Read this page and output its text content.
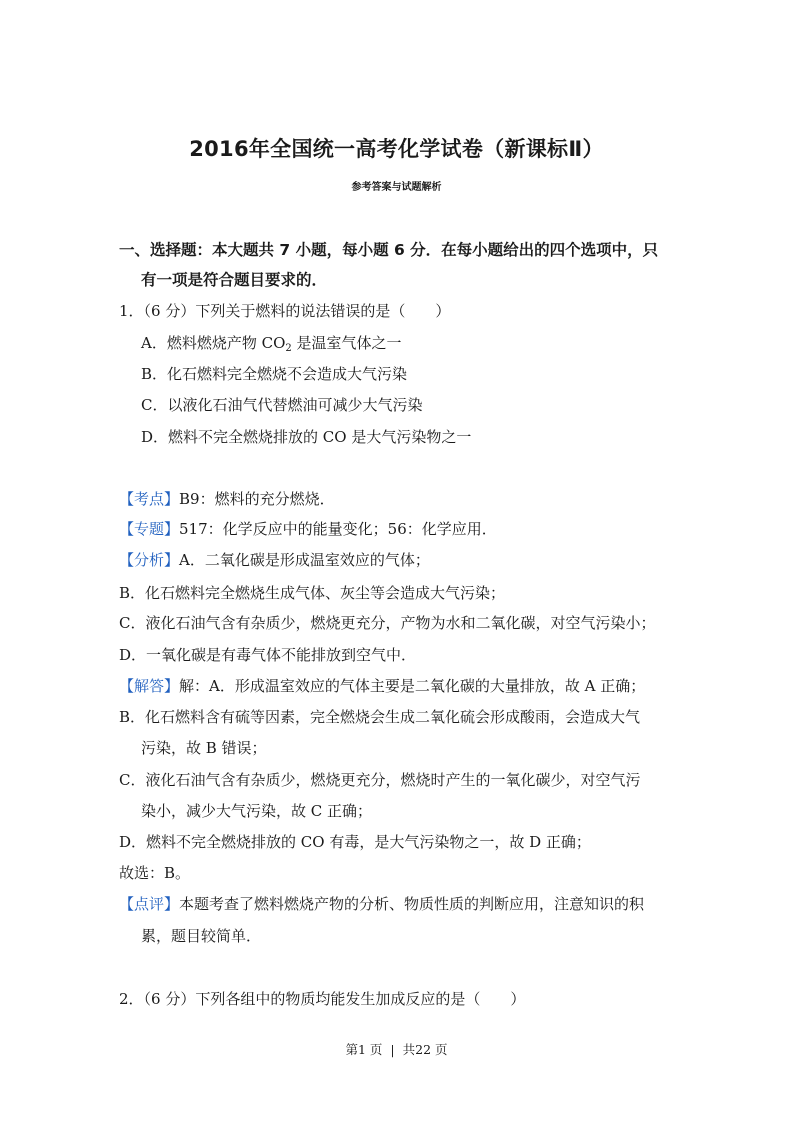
2016年全国统一高考化学试卷（新课标Ⅱ）
参考答案与试题解析
一、选择题：本大题共 7 小题，每小题 6 分．在每小题给出的四个选项中，只
有一项是符合题目要求的．
1．（6 分）下列关于燃料的说法错误的是（　　）
A．燃料燃烧产物 $CO_2$ 是温室气体之一
B．化石燃料完全燃烧不会造成大气污染
C．以液化石油气代替燃油可减少大气污染
D．燃料不完全燃烧排放的 CO 是大气污染物之一
【考点】B9：燃料的充分燃烧．
【专题】517：化学反应中的能量变化；56：化学应用．
【分析】A．二氧化碳是形成温室效应的气体；
B．化石燃料完全燃烧生成气体、灰尘等会造成大气污染；
C．液化石油气含有杂质少，燃烧更充分，产物为水和二氧化碳，对空气污染小；
D．一氧化碳是有毒气体不能排放到空气中．
【解答】解：A．形成温室效应的气体主要是二氧化碳的大量排放，故 A 正确；
B．化石燃料含有硫等因素，完全燃烧会生成二氧化硫会形成酸雨，会造成大气
污染，故 B 错误；
C．液化石油气含有杂质少，燃烧更充分，燃烧时产生的一氧化碳少，对空气污
染小，减少大气污染，故 C 正确；
D．燃料不完全燃烧排放的 CO 有毒，是大气污染物之一，故 D 正确；
故选：B。
【点评】本题考查了燃料燃烧产物的分析、物质性质的判断应用，注意知识的积
累，题目较简单．
2．（6 分）下列各组中的物质均能发生加成反应的是（　　）
第1 页 | 共22 页
